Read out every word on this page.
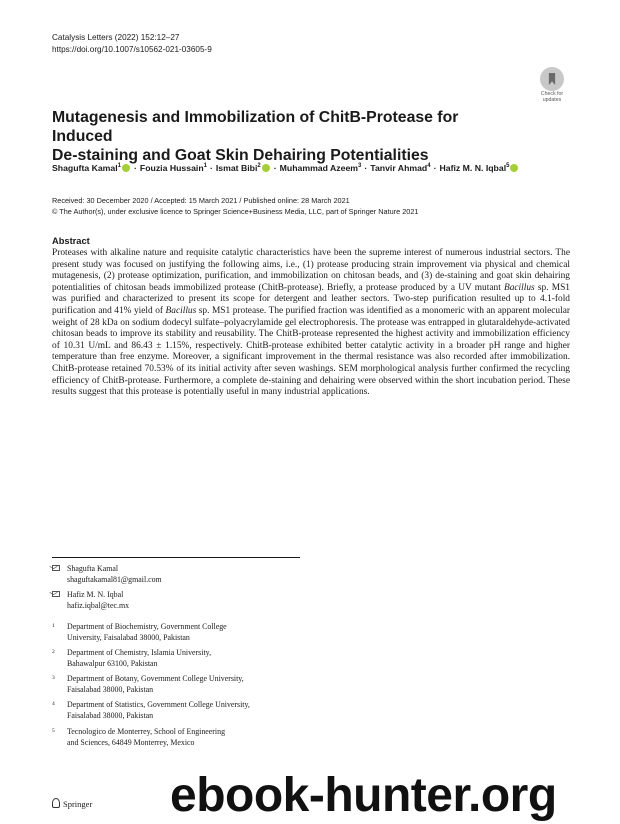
Catalysis Letters (2022) 152:12–27
https://doi.org/10.1007/s10562-021-03605-9
Check for
updates
Mutagenesis and Immobilization of ChitB-Protease for Induced
De-staining and Goat Skin Dehairing Potentialities
Shagufta Kamal$^1$ · Fouzia Hussain$^1$ · Ismat Bibi$^2$ · Muhammad Azeem$^3$ · Tanvir Ahmad$^4$ · Hafiz M. N. Iqbal$^5$
Received: 30 December 2020 / Accepted: 15 March 2021 / Published online: 28 March 2021
© The Author(s), under exclusive licence to Springer Science+Business Media, LLC, part of Springer Nature 2021
Abstract
Proteases with alkaline nature and requisite catalytic characteristics have been the supreme interest of numerous industrial sectors. The present study was focused on justifying the following aims, i.e., (1) protease producing strain improvement via physical and chemical mutagenesis, (2) protease optimization, purification, and immobilization on chitosan beads, and (3) de-staining and goat skin dehairing potentialities of chitosan beads immobilized protease (ChitB-protease). Briefly, a protease produced by a UV mutant Bacillus sp. MS1 was purified and characterized to present its scope for detergent and leather sectors. Two-step purification resulted up to 4.1-fold purification and 41% yield of Bacillus sp. MS1 protease. The purified fraction was identified as a monomeric with an apparent molecular weight of 28 kDa on sodium dodecyl sulfate–polyacrylamide gel electrophoresis. The protease was entrapped in glutaraldehyde-activated chitosan beads to improve its stability and reusability. The ChitB-protease represented the highest activity and immobilization efficiency of 10.31 U/mL and 86.43 ± 1.15%, respectively. ChitB-protease exhibited better catalytic activity in a broader pH range and higher temperature than free enzyme. Moreover, a significant improvement in the thermal resistance was also recorded after immobilization. ChitB-protease retained 70.53% of its initial activity after seven washings. SEM morphological analysis further confirmed the recycling efficiency of ChitB-protease. Furthermore, a complete de-staining and dehairing were observed within the short incubation period. These results suggest that this protease is potentially useful in many industrial applications.
Shagufta Kamal
shaguftakamal81@gmail.com
Hafiz M. N. Iqbal
hafiz.iqbal@tec.mx
1 Department of Biochemistry, Government College
University, Faisalabad 38000, Pakistan
2 Department of Chemistry, Islamia University,
Bahawalpur 63100, Pakistan
3 Department of Botany, Government College University,
Faisalabad 38000, Pakistan
4 Department of Statistics, Government College University,
Faisalabad 38000, Pakistan
5 Tecnologico de Monterrey, School of Engineering
and Sciences, 64849 Monterrey, Mexico
Springer ebook-hunter.org
